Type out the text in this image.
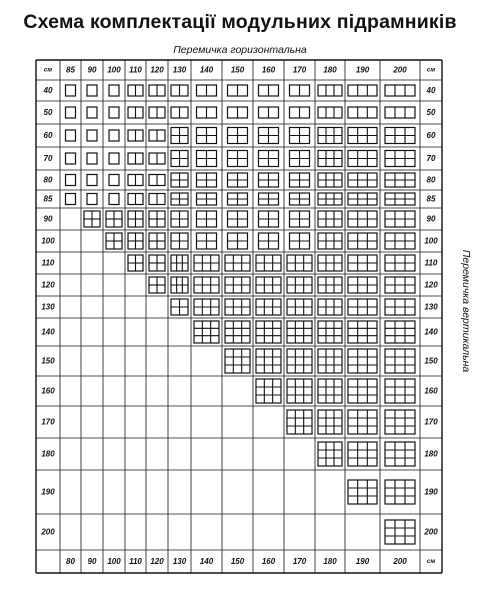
Схема комплектації модульних підрамників
Перемичка горизонтальна
Перемичка вертикальна
см	см
см
85 90 100 110 120 130 140 150 160 170 180 190	200
80 90 100 110 120 130 140 150 160 170 180 190	200
40	40
50	50
60	60
70	70
80	80
85	85
90	90
100	100
110	110
120	120
130	130
140	140
150	150
160	160
170	170
180	180
190	190
200	200
